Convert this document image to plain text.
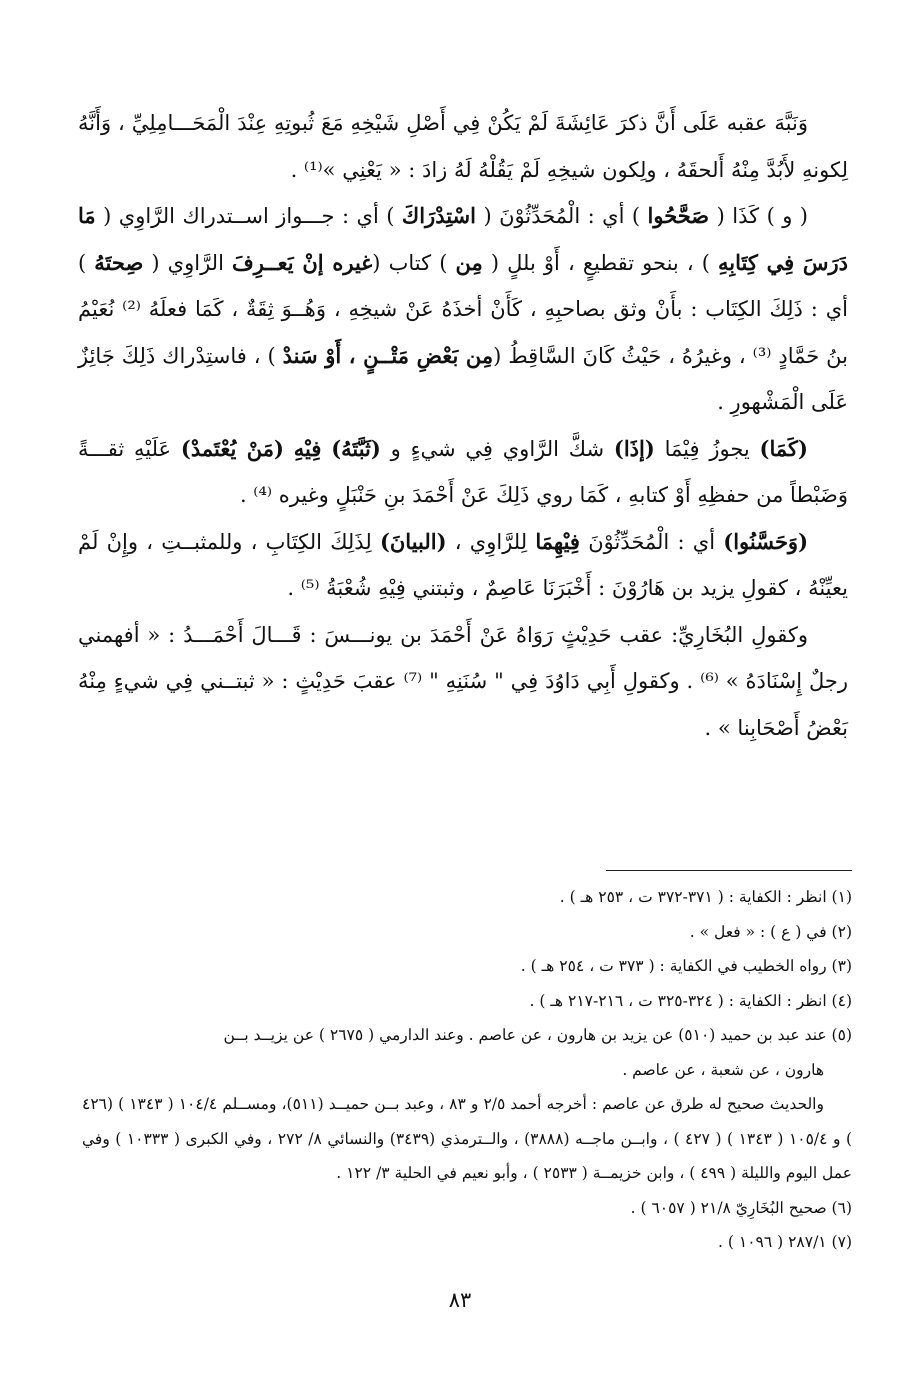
وَنَبَّهَ عقبه عَلَى أَنَّ ذكرَ عَائِشَةَ لَمْ يَكُنْ فِي أَصْلِ شَيْخِهِ مَعَ ثُبوتِهِ عِنْدَ الْمَحَـــامِلِيِّ ، وَأَنَّهُ لِكونهِ لأَبُدَّ مِنْهُ أَلحقَهُ ، ولِكون شيخِهِ لَمْ يَقُلْهُ لَهُ زادَ : « يَعْنِي »⁽¹⁾ .

( و ) كَذَا ( صَحَّحُوا ) أي : الْمُحَدِّثُوْنَ ( اسْتِدْرَاكَ ) أي : جـــواز اســتدراك الرَّاوِي ( مَا دَرَسَ فِي كِتَابِهِ ) ، بنحو تقطيعٍ ، أَوْ بللٍ ( مِن ) كتاب (غيره إنْ يَعــرِفَ الرَّاوِي ( صِحتَهُ ) أي : ذَلِكَ الكِتَاب : بأَنْ وثق بصاحبِهِ ، كَأَنْ أخذَهُ عَنْ شيخِهِ ، وَهُــوَ ثِقَةٌ ، كَمَا فعلَهُ ⁽²⁾ نُعَيْمُ بنُ حَمَّادٍ ⁽³⁾ ، وغيرُهُ ، حَيْثُ كَانَ السَّاقِطُ (مِن بَعْضِ مَتْــنٍ ، أَوْ سَندْ ) ، فاستِدْراك ذَلِكَ جَائِزٌ عَلَى الْمَشْهورِ .

(كَمَا) يجوزُ فِيْمَا (إذَا) شكَّ الرَّاوي فِي شيءٍ و (ثَبَّتَهُ) فِيْهِ (مَنْ يُعْتَمدْ) عَلَيْهِ ثقـــةً وَضَبْطاً من حفظِهِ أَوْ كتابهِ ، كَمَا روي ذَلِكَ عَنْ أَحْمَدَ بنِ حَنْبَلٍ وغيره ⁽⁴⁾ .

(وَحَسَّنُوا) أي : الْمُحَدِّثُوْنَ فِيْهِمَا لِلرَّاوِي ، (البيانَ) لِذَلِكَ الكِتَابِ ، وللمثبــتِ ، وإِنْ لَمْ يعيِّنْهُ ، كقولِ يزيد بن هَارُوْنَ : أَخْبَرَنَا عَاصِمٌ ، وثبتني فِيْهِ شُعْبَةُ ⁽⁵⁾ .

وكقولِ البُخَارِيِّ: عقب حَدِيْثٍ رَوَاهُ عَنْ أَحْمَدَ بن يونـــسَ : قَـــالَ أَحْمَـــدُ : « أفهمني رجلٌ إِسْنَادَهُ » ⁽⁶⁾ . وكقولِ أَبِي دَاوُدَ فِي " سُنَنِهِ " ⁽⁷⁾ عقبَ حَدِيْثٍ : « ثبتــني فِي شيءٍ مِنْهُ بَعْضُ أَصْحَابِنا » .

(١) انظر : الكفاية : ( ٣٧١-٣٧٢ ت ، ٢٥٣ هـ ) .

(٢) في ( ع ) : « فعل » .

(٣) رواه الخطيب في الكفاية : ( ٣٧٣ ت ، ٢٥٤ هـ ) .

(٤) انظر : الكفاية : ( ٣٢٤-٣٢٥ ت ، ٢١٦-٢١٧ هـ ) .

(٥) عند عبد بن حميد (٥١٠) عن يزيد بن هارون ، عن عاصم . وعند الدارمي ( ٢٦٧٥ ) عن يزيــد بــن

هارون ، عن شعبة ، عن عاصم .

والحديث صحيح له طرق عن عاصم : أخرجه أحمد ٢/٥ و ٨٣ ، وعبد بــن حميــد (٥١١)، ومســلم ١٠٤/٤ ( ١٣٤٣ ) (٤٢٦ ) و ١٠٥/٤ ( ١٣٤٣ ) ( ٤٢٧ ) ، وابــن ماجــه (٣٨٨٨) ، والــترمذي (٣٤٣٩) والنسائي ٨/ ٢٧٢ ، وفي الكبرى ( ١٠٣٣٣ ) وفي عمل اليوم والليلة ( ٤٩٩ ) ، وابن خزيمــة ( ٢٥٣٣ ) ، وأبو نعيم في الحلية ٣/ ١٢٢ .

(٦) صحيح البُخَارِيّ ٢١/٨ ( ٦٠٥٧ ) .

(٧) ٢٨٧/١ ( ١٠٩٦ ) .

٨٣
